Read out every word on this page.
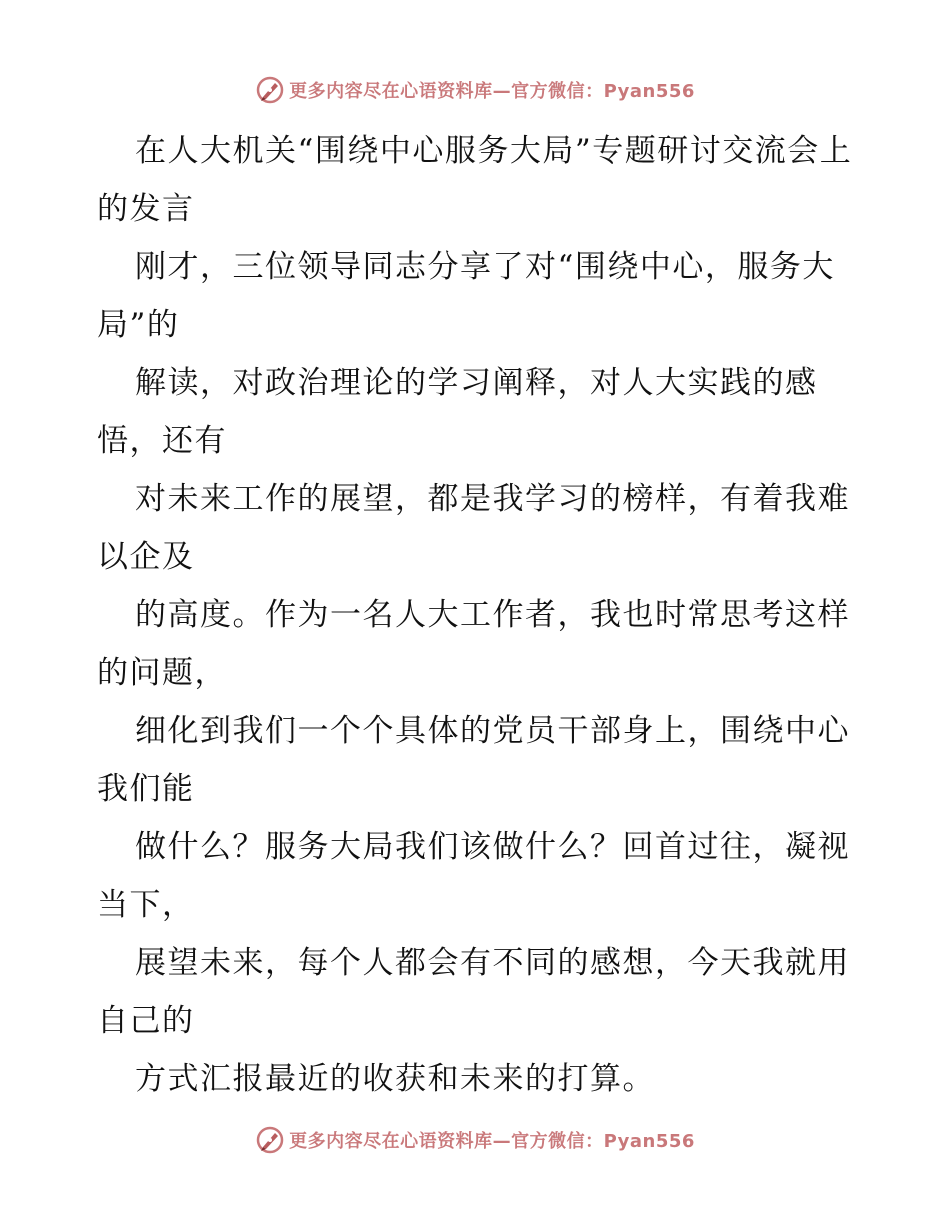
更多内容尽在心语资料库—官方微信：Pyan556

在人大机关“围绕中心服务大局”专题研讨交流会上的发言

刚才，三位领导同志分享了对“围绕中心，服务大局”的

解读，对政治理论的学习阐释，对人大实践的感悟，还有

对未来工作的展望，都是我学习的榜样，有着我难以企及

的高度。作为一名人大工作者，我也时常思考这样的问题，

细化到我们一个个具体的党员干部身上，围绕中心我们能

做什么？服务大局我们该做什么？回首过往，凝视当下，

展望未来，每个人都会有不同的感想，今天我就用自己的

方式汇报最近的收获和未来的打算。

更多内容尽在心语资料库—官方微信：Pyan556
